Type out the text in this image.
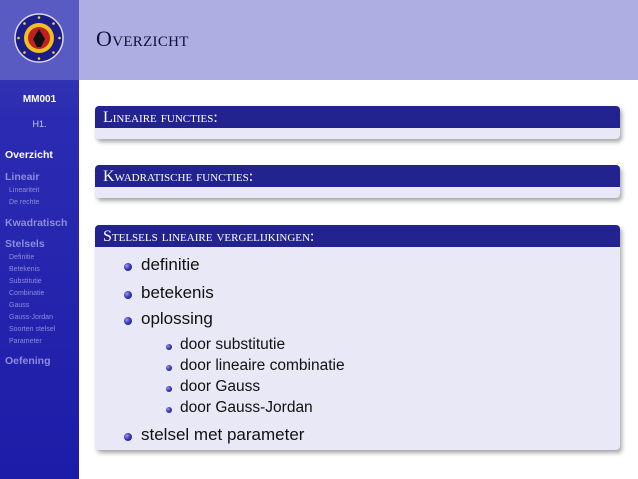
MM001
H1.
Overzicht
Lineair
Lineariteit
De rechte
Kwadratisch
Stelsels
Definitie
Betekenis
Substitutie
Combinatie
Gauss
Gauss-Jordan
Soorten stelsel
Parameter
Oefening
Overzicht
Lineaire functies:
Kwadratische functies:
Stelsels lineaire vergelijkingen:
definitie
betekenis
oplossing
door substitutie
door lineaire combinatie
door Gauss
door Gauss-Jordan
stelsel met parameter
